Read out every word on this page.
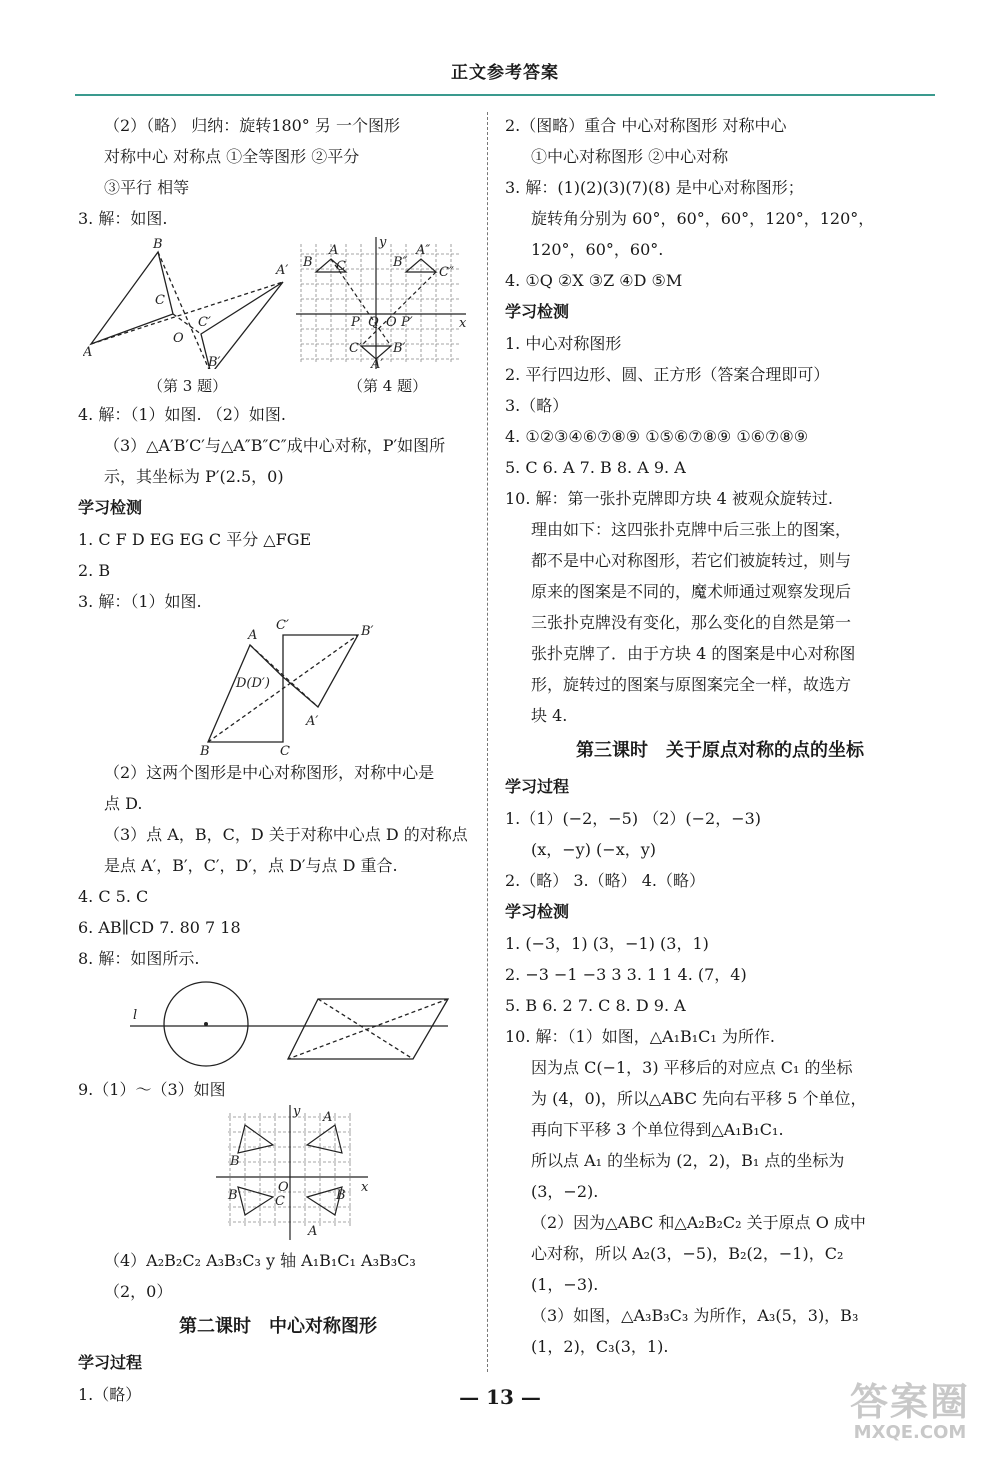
正文参考答案
（2）（略） 归纳：旋转180° 另 一个图形
对称中心 对称点 ①全等图形 ②平分
③平行 相等
3. 解：如图.
A
B
C
O
C′
A′
B′
y
x
B C
A
B″
A″
C″
P Q O P′
C′ B′
A′
（第 3 题）	（第 4 题）
4. 解：（1）如图. （2）如图.
（3）△A′B′C′与△A″B″C″成中心对称，P′如图所
示，其坐标为 P′(2.5，0)
学习检测
1. C F D EG EG C 平分 △FGE
2. B
3. 解：（1）如图.
A
C′	B′
D(D′)
A′
B	C
（2）这两个图形是中心对称图形，对称中心是
点 D.
（3）点 A，B，C，D 关于对称中心点 D 的对称点
是点 A′，B′，C′，D′，点 D′与点 D 重合.
4. C 5. C
6. AB∥CD 7. 80 7 18
8. 解：如图所示.
l
9.（1）～（3）如图
y
x
O
B
A
B	C	B
A
（4）A₂B₂C₂ A₃B₃C₃ y 轴 A₁B₁C₁ A₃B₃C₃
（2，0）
第二课时　中心对称图形
学习过程
1.（略）
2.（图略）重合 中心对称图形 对称中心
①中心对称图形 ②中心对称
3. 解：(1)(2)(3)(7)(8) 是中心对称图形；
旋转角分别为 60°，60°，60°，120°，120°，
120°，60°，60°.
4. ①Q ②X ③Z ④D ⑤M
学习检测
1. 中心对称图形
2. 平行四边形、圆、正方形（答案合理即可）
3.（略）
4. ①②③④⑥⑦⑧⑨ ①⑤⑥⑦⑧⑨ ①⑥⑦⑧⑨
5. C 6. A 7. B 8. A 9. A
10. 解：第一张扑克牌即方块 4 被观众旋转过.
理由如下：这四张扑克牌中后三张上的图案，
都不是中心对称图形，若它们被旋转过，则与
原来的图案是不同的，魔术师通过观察发现后
三张扑克牌没有变化，那么变化的自然是第一
张扑克牌了．由于方块 4 的图案是中心对称图
形，旋转过的图案与原图案完全一样，故选方
块 4.
第三课时　关于原点对称的点的坐标
学习过程
1.（1）(−2，−5) （2）(−2，−3)
(x，−y) (−x，y)
2.（略） 3.（略） 4.（略）
学习检测
1. (−3，1) (3，−1) (3，1)
2. −3 −1 −3 3 3. 1 1 4. (7，4)
5. B 6. 2 7. C 8. D 9. A
10. 解：（1）如图，△A₁B₁C₁ 为所作.
因为点 C(−1，3) 平移后的对应点 C₁ 的坐标
为 (4，0)，所以△ABC 先向右平移 5 个单位，
再向下平移 3 个单位得到△A₁B₁C₁.
所以点 A₁ 的坐标为 (2，2)，B₁ 点的坐标为
(3，−2).
（2）因为△ABC 和△A₂B₂C₂ 关于原点 O 成中
心对称，所以 A₂(3，−5)，B₂(2，−1)，C₂
(1，−3).
（3）如图，△A₃B₃C₃ 为所作，A₃(5，3)，B₃
(1，2)，C₃(3，1).
— 13 —	答案圈
MXQE.COM
